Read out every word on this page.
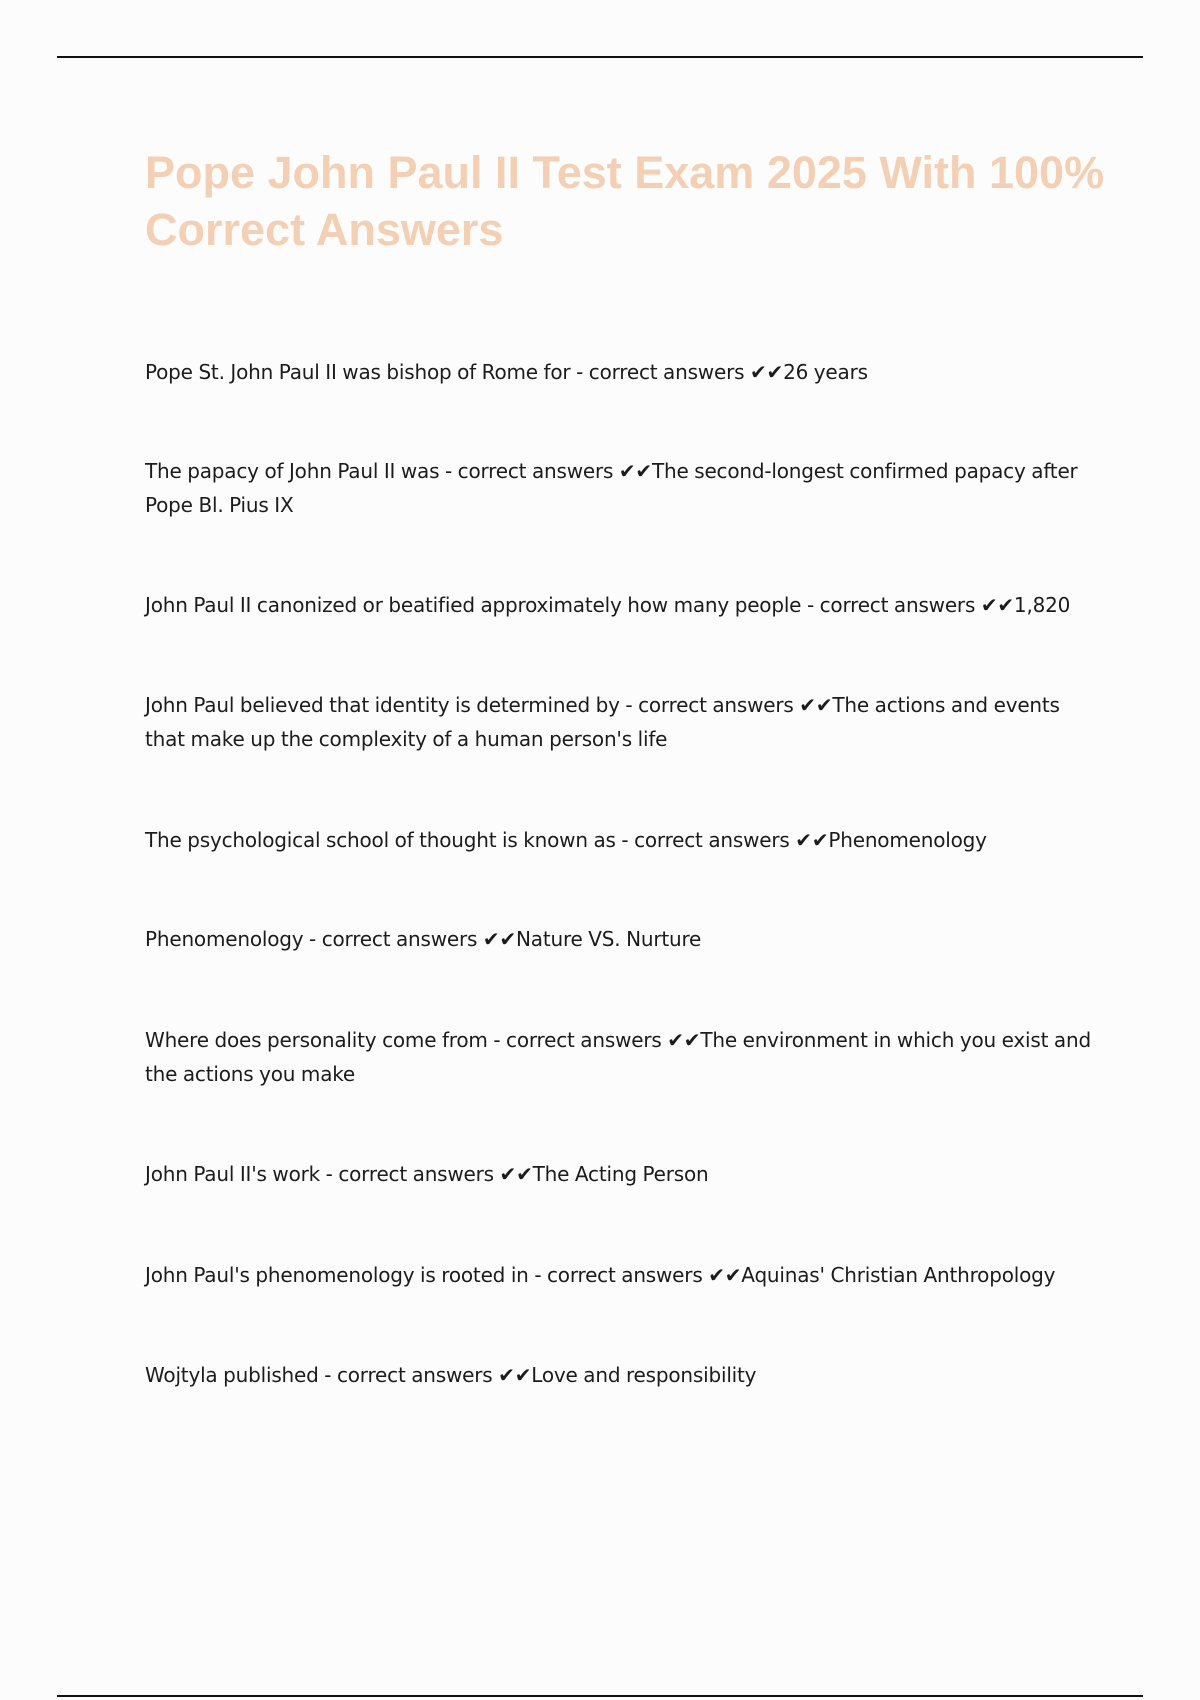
Pope John Paul II Test Exam 2025 With 100% Correct Answers
Pope St. John Paul II was bishop of Rome for - correct answers ✔✔26 years
The papacy of John Paul II was - correct answers ✔✔The second-longest confirmed papacy after Pope Bl. Pius IX
John Paul II canonized or beatified approximately how many people - correct answers ✔✔1,820
John Paul believed that identity is determined by - correct answers ✔✔The actions and events that make up the complexity of a human person's life
The psychological school of thought is known as - correct answers ✔✔Phenomenology
Phenomenology - correct answers ✔✔Nature VS. Nurture
Where does personality come from - correct answers ✔✔The environment in which you exist and the actions you make
John Paul II's work - correct answers ✔✔The Acting Person
John Paul's phenomenology is rooted in - correct answers ✔✔Aquinas' Christian Anthropology
Wojtyla published - correct answers ✔✔Love and responsibility
